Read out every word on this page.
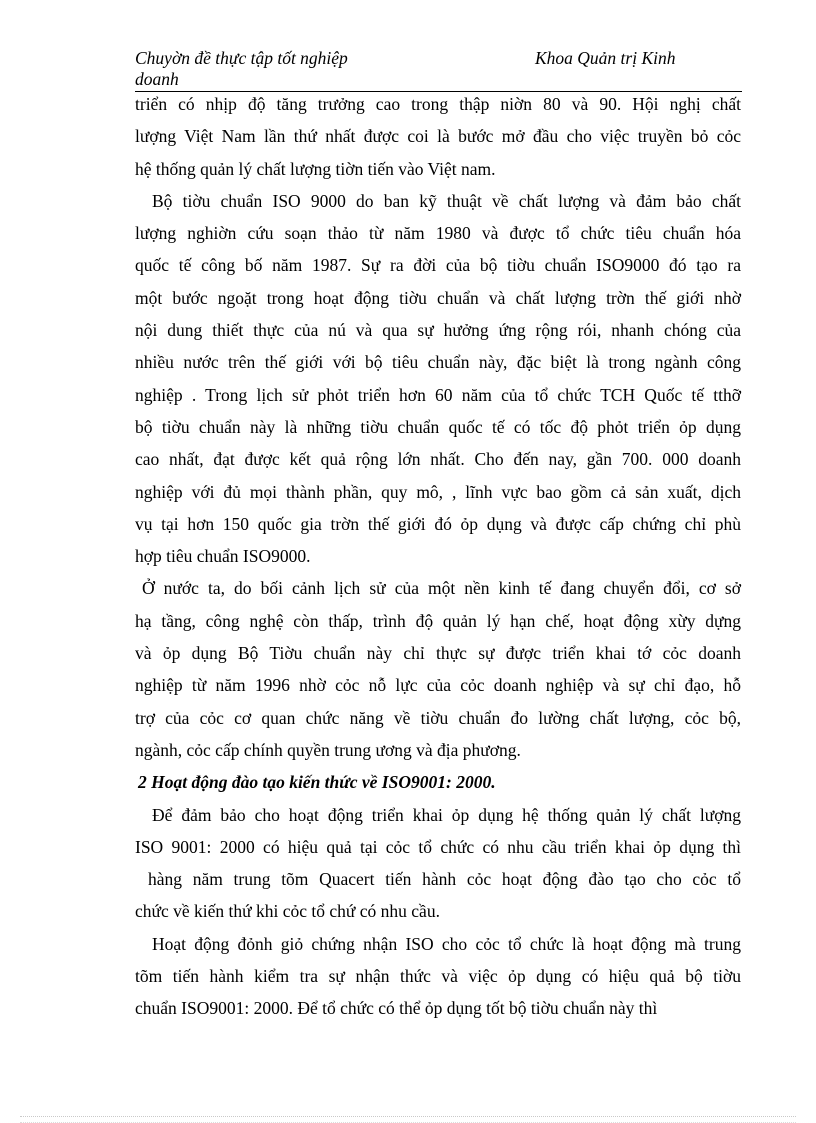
Chuyờn đề thực tập tốt nghiệp doanh
Khoa Quản trị Kinh

triển có nhịp độ tăng trưởng cao trong thập niờn 80 và 90. Hội nghị chất
lượng Việt Nam lần thứ nhất được coi là bước mở đầu cho việc truyền bỏ cỏc
hệ thống quản lý chất lượng tiờn tiến vào Việt nam.

Bộ tiờu chuẩn ISO 9000 do ban kỹ thuật về chất lượng và đảm bảo chất
lượng nghiờn cứu soạn thảo từ năm 1980 và được tổ chức tiêu chuẩn hóa
quốc tế công bố năm 1987. Sự ra đời của bộ tiờu chuẩn ISO9000 đó tạo ra
một bước ngoặt trong hoạt động tiờu chuẩn và chất lượng trờn thế giới nhờ
nội dung thiết thực của nú và qua sự hưởng ứng rộng rói, nhanh chóng của
nhiều nước trên thế giới với bộ tiêu chuẩn này, đặc biệt là trong ngành công
nghiệp . Trong lịch sử phỏt triển hơn 60 năm của tổ chức TCH Quốc tế tthỡ
bộ tiờu chuẩn này là những tiờu chuẩn quốc tế có tốc độ phỏt triển ỏp dụng
cao nhất, đạt được kết quả rộng lớn nhất. Cho đến nay, gần 700. 000 doanh
nghiệp với đủ mọi thành phần, quy mô, , lĩnh vực bao gồm cả sản xuất, dịch
vụ tại hơn 150 quốc gia trờn thế giới đó ỏp dụng và được cấp chứng chỉ phù
hợp tiêu chuẩn ISO9000.

Ở nước ta, do bối cảnh lịch sử của một nền kinh tế đang chuyển đổi, cơ sở
hạ tầng, công nghệ còn thấp, trình độ quản lý hạn chế, hoạt động xừy dựng
và ỏp dụng Bộ Tiờu chuẩn này chỉ thực sự được triển khai tớ cỏc doanh
nghiệp từ năm 1996 nhờ cỏc nỗ lực của cỏc doanh nghiệp và sự chỉ đạo, hỗ
trợ của cỏc cơ quan chức năng về tiờu chuẩn đo lường chất lượng, cỏc bộ,
ngành, cỏc cấp chính quyền trung ương và địa phương.

2 Hoạt động đào tạo kiến thức về ISO9001: 2000.

Để đảm bảo cho hoạt động triển khai ỏp dụng hệ thống quản lý chất lượng
ISO 9001: 2000 có hiệu quả tại cỏc tổ chức có nhu cầu triển khai ỏp dụng thì
hàng năm trung tõm Quacert tiến hành cỏc hoạt động đào tạo cho cỏc tổ
chức về kiến thứ khi cỏc tổ chứ có nhu cầu.

Hoạt động đỏnh giỏ chứng nhận ISO cho cỏc tổ chức là hoạt động mà trung
tõm tiến hành kiểm tra sự nhận thức và việc ỏp dụng có hiệu quả bộ tiờu
chuẩn ISO9001: 2000. Để tổ chức có thể ỏp dụng tốt bộ tiờu chuẩn này thì
